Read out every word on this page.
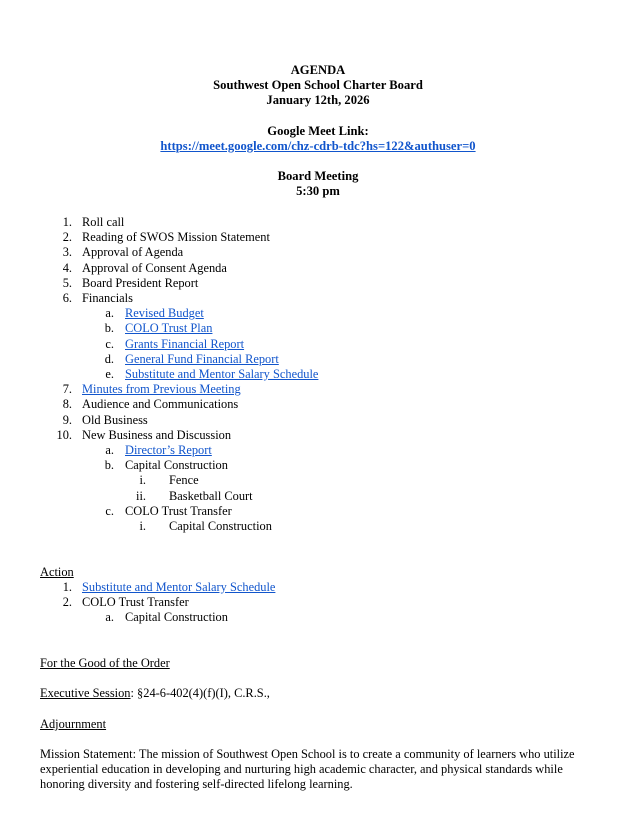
AGENDA
Southwest Open School Charter Board
January 12th, 2026
Google Meet Link:
https://meet.google.com/chz-cdrb-tdc?hs=122&authuser=0
Board Meeting
5:30 pm
1. Roll call
2. Reading of SWOS Mission Statement
3. Approval of Agenda
4. Approval of Consent Agenda
5. Board President Report
6. Financials
a. Revised Budget
b. COLO Trust Plan
c. Grants Financial Report
d. General Fund Financial Report
e. Substitute and Mentor Salary Schedule
7. Minutes from Previous Meeting
8. Audience and Communications
9. Old Business
10. New Business and Discussion
a. Director’s Report
b. Capital Construction
i. Fence
ii. Basketball Court
c. COLO Trust Transfer
i. Capital Construction
Action
1. Substitute and Mentor Salary Schedule
2. COLO Trust Transfer
a. Capital Construction
For the Good of the Order
Executive Session: §24-6-402(4)(f)(I), C.R.S.,
Adjournment
Mission Statement: The mission of Southwest Open School is to create a community of learners who utilize experiential education in developing and nurturing high academic character, and physical standards while honoring diversity and fostering self-directed lifelong learning.
